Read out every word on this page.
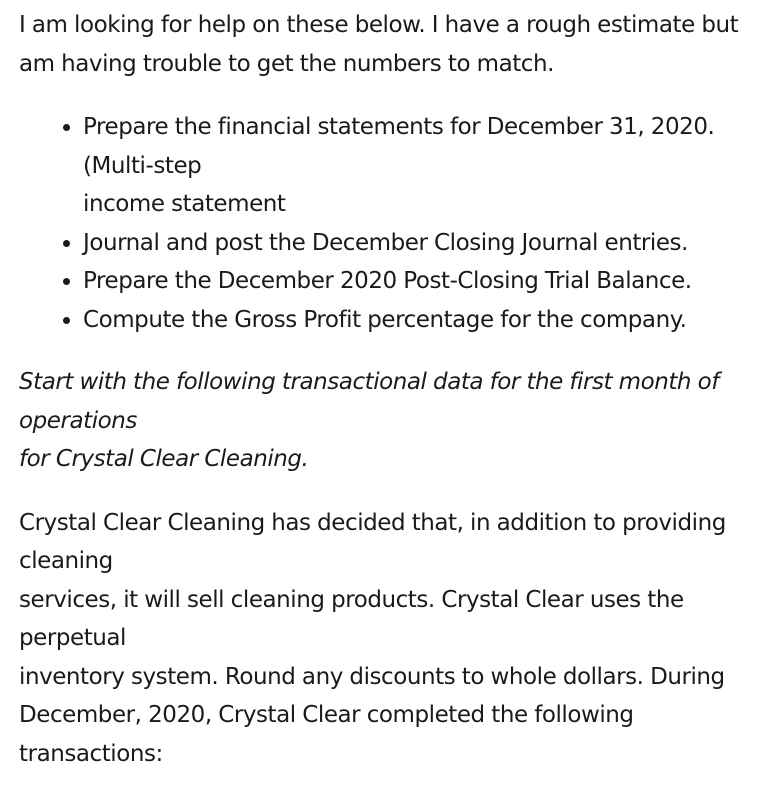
I am looking for help on these below. I have a rough estimate but
am having trouble to get the numbers to match.

Prepare the financial statements for December 31, 2020.
(Multi-step
income statement
Journal and post the December Closing Journal entries.
Prepare the December 2020 Post-Closing Trial Balance.
Compute the Gross Profit percentage for the company.

Start with the following transactional data for the first month of
operations
for Crystal Clear Cleaning.

Crystal Clear Cleaning has decided that, in addition to providing
cleaning
services, it will sell cleaning products. Crystal Clear uses the
perpetual
inventory system. Round any discounts to whole dollars. During
December, 2020, Crystal Clear completed the following
transactions:
